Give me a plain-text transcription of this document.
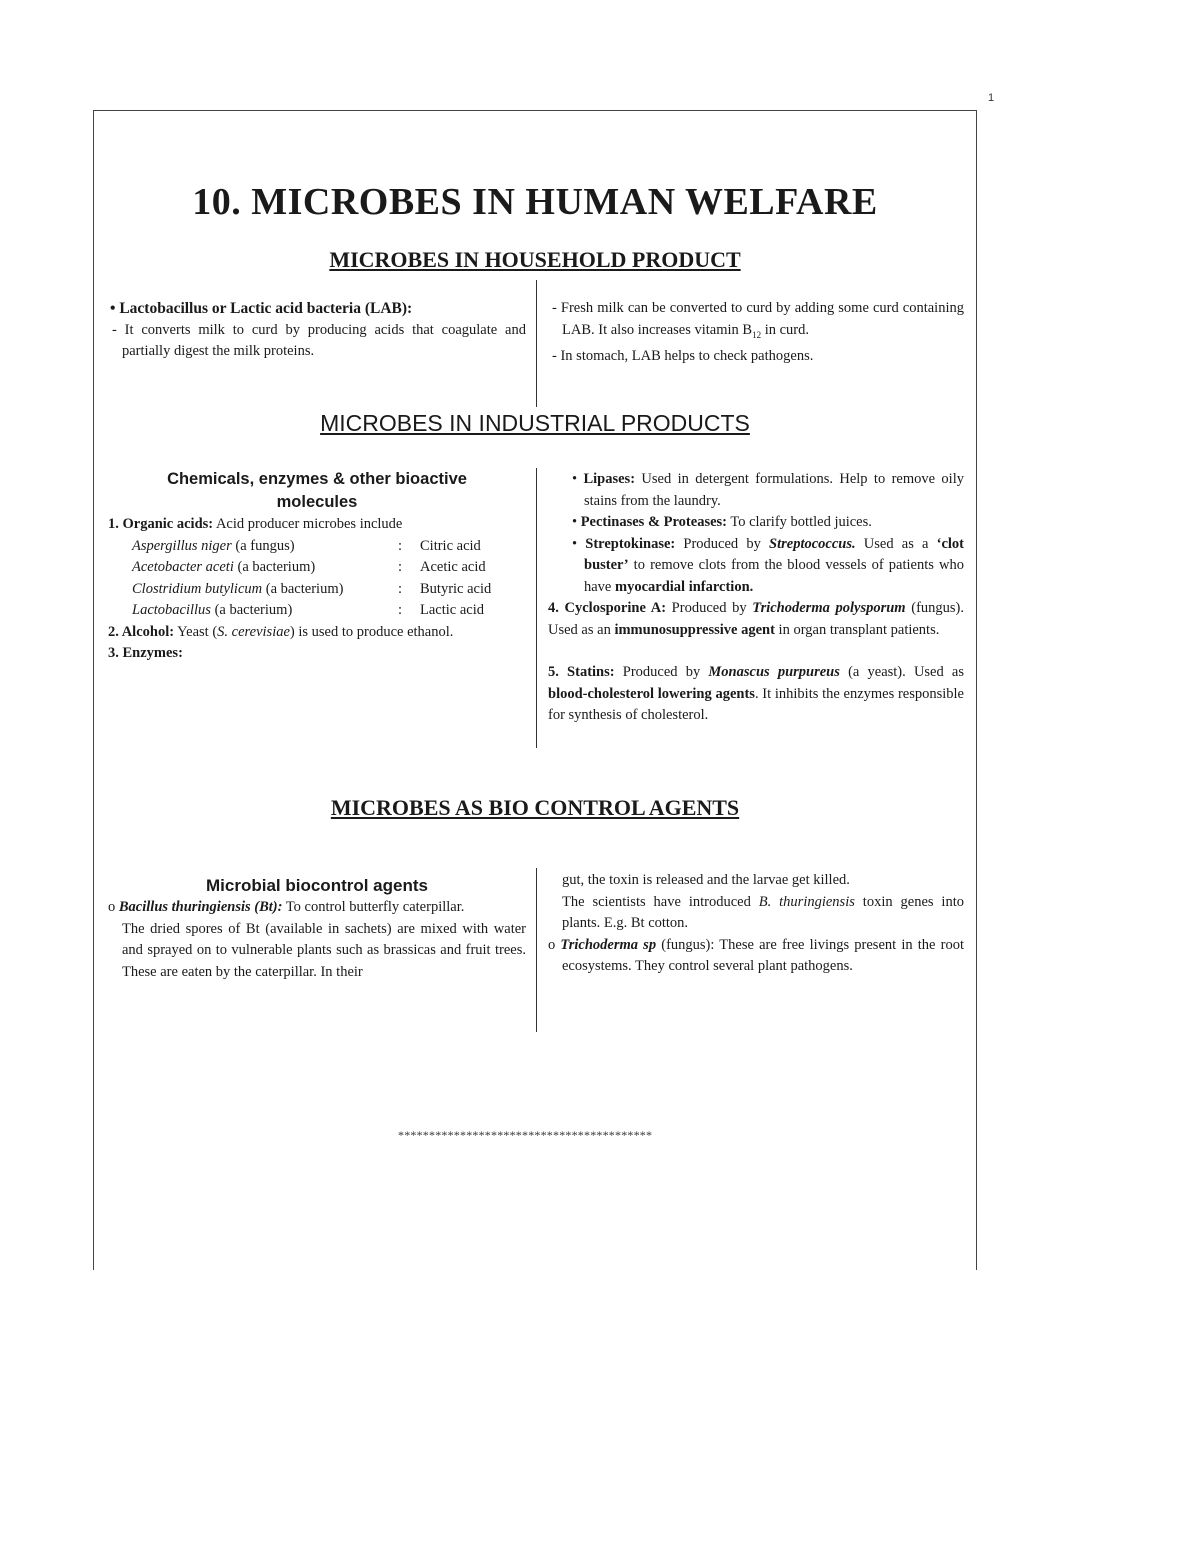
1
10. MICROBES IN HUMAN WELFARE
MICROBES IN HOUSEHOLD PRODUCT

• Lactobacillus or Lactic acid bacteria (LAB):

- It converts milk to curd by producing acids that coagulate and partially digest the milk proteins.

- Fresh milk can be converted to curd by adding some curd containing LAB. It also increases vitamin $B_{12}$ in curd.

- In stomach, LAB helps to check pathogens.

MICROBES IN INDUSTRIAL PRODUCTS

Chemicals, enzymes & other bioactive molecules

1. Organic acids: Acid producer microbes include

Aspergillus niger (a fungus)	:	Citric acid
Acetobacter aceti (a bacterium)	:	Acetic acid
Clostridium butylicum (a bacterium)	:	Butyric acid
Lactobacillus (a bacterium)	:	Lactic acid

2. Alcohol: Yeast (S. cerevisiae) is used to produce ethanol.

3. Enzymes:

• Lipases: Used in detergent formulations. Help to remove oily stains from the laundry.

• Pectinases & Proteases: To clarify bottled juices.

• Streptokinase: Produced by Streptococcus. Used as a ‘clot buster’ to remove clots from the blood vessels of patients who have myocardial infarction.

4. Cyclosporine A: Produced by Trichoderma polysporum (fungus). Used as an immunosuppressive agent in organ transplant patients.

5. Statins: Produced by Monascus purpureus (a yeast). Used as blood-cholesterol lowering agents. It inhibits the enzymes responsible for synthesis of cholesterol.

MICROBES AS BIO CONTROL AGENTS

Microbial biocontrol agents

o Bacillus thuringiensis (Bt): To control butterfly caterpillar.

The dried spores of Bt (available in sachets) are mixed with water and sprayed on to vulnerable plants such as brassicas and fruit trees. These are eaten by the caterpillar. In their

gut, the toxin is released and the larvae get killed.

The scientists have introduced B. thuringiensis toxin genes into plants. E.g. Bt cotton.

o Trichoderma sp (fungus): These are free livings present in the root ecosystems. They control several plant pathogens.

*****************************************
